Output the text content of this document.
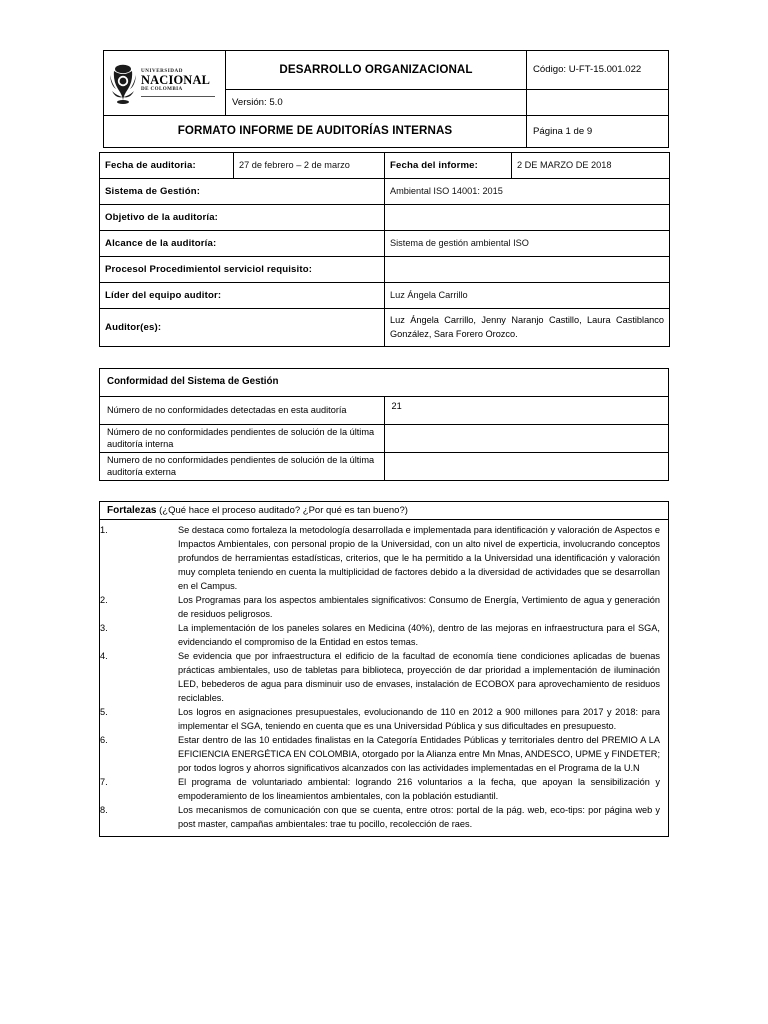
UNIVERSIDAD
NACIONAL
DE COLOMBIA	DESARROLLO ORGANIZACIONAL	Código: U-FT-15.001.022
	Versión: 5.0	
FORMATO INFORME DE AUDITORÍAS INTERNAS		Página 1 de 9
Fecha de auditoria:	27 de febrero – 2 de marzo	Fecha del informe:	2 DE MARZO DE 2018
Sistema de Gestión:		Ambiental ISO 14001: 2015	
Objetivo de la auditoría:			
Alcance de la auditoría:		Sistema de gestión ambiental ISO	
Procesol Procedimientol serviciol requisito:			
Líder del equipo auditor:		Luz Ángela Carrillo	
Auditor(es):		Luz Ángela Carrillo, Jenny Naranjo Castillo, Laura Castiblanco González, Sara Forero Orozco.	
Conformidad del Sistema de Gestión	
Número de no conformidades detectadas en esta auditoría	21
Número de no conformidades pendientes de solución de la última auditoría interna	
Numero de no conformidades pendientes de solución de la última auditoría externa	
Fortalezas (¿Qué hace el proceso auditado? ¿Por qué es tan bueno?)
Se destaca como fortaleza la metodología desarrollada e implementada para identificación y valoración de Aspectos e Impactos Ambientales, con personal propio de la Universidad, con un alto nivel de experticia, involucrando conceptos profundos de herramientas estadísticas, criterios, que le ha permitido a la Universidad una identificación y valoración muy completa teniendo en cuenta la multiplicidad de factores debido a la diversidad de actividades que se desarrollan en el Campus.
Los Programas para los aspectos ambientales significativos: Consumo de Energía, Vertimiento de agua y generación de residuos peligrosos.
La implementación de los paneles solares en Medicina (40%), dentro de las mejoras en infraestructura para el SGA, evidenciando el compromiso de la Entidad en estos temas.
Se evidencia que por infraestructura el edificio de la facultad de economía tiene condiciones aplicadas de buenas prácticas ambientales, uso de tabletas para biblioteca, proyección de dar prioridad a implementación de iluminación LED, bebederos de agua para disminuir uso de envases, instalación de ECOBOX para aprovechamiento de residuos reciclables.
Los logros en asignaciones presupuestales, evolucionando de 110 en 2012 a 900 millones para 2017 y 2018: para implementar el SGA, teniendo en cuenta que es una Universidad Pública y sus dificultades en presupuesto.
Estar dentro de las 10 entidades finalistas en la Categoría Entidades Públicas y territoriales dentro del PREMIO A LA EFICIENCIA ENERGÉTICA EN COLOMBIA, otorgado por la Alianza entre Mn Mnas, ANDESCO, UPME y FINDETER; por todos logros y ahorros significativos alcanzados con las actividades implementadas en el Programa de la U.N
El programa de voluntariado ambiental: logrando 216 voluntarios a la fecha, que apoyan la sensibilización y empoderamiento de los lineamientos ambientales, con la población estudiantil.
Los mecanismos de comunicación con que se cuenta, entre otros: portal de la pág. web, eco-tips: por página web y post master, campañas ambientales: trae tu pocillo, recolección de raes.
